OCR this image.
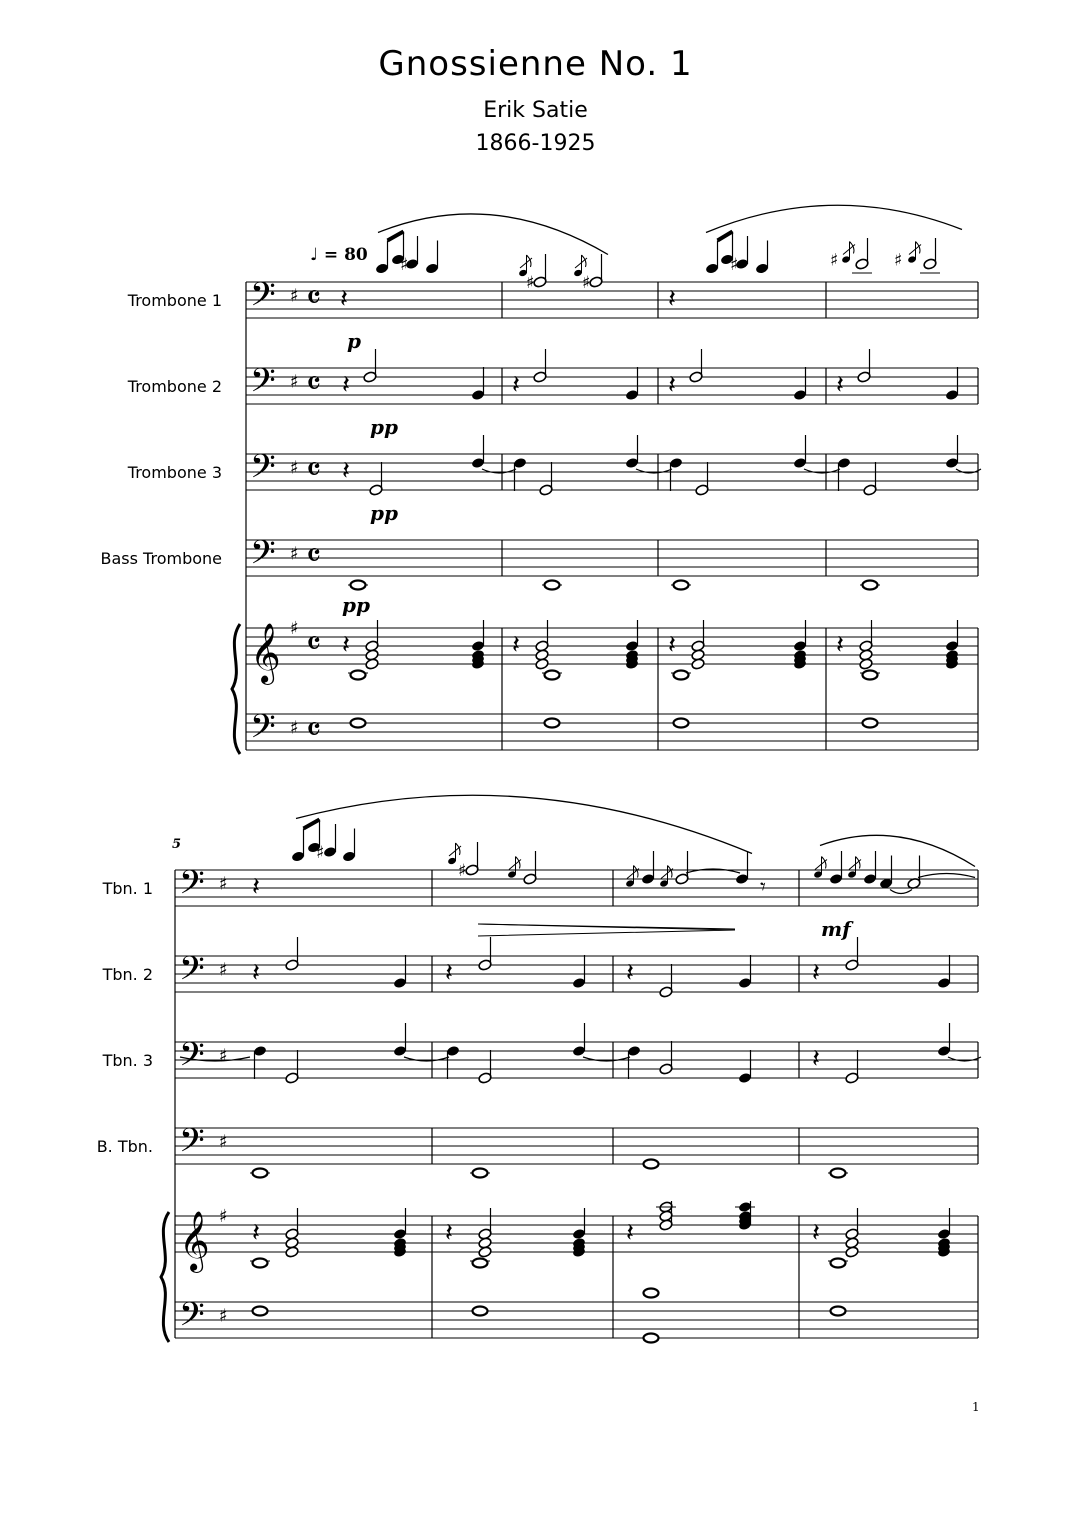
Gnossienne No. 1
Erik Satie
1866-1925
1
𝄢 ♯
𝄢 ♯
𝄢 ♯
𝄢 ♯
𝄞 ♯
𝄢 ♯
𝄴
𝄴
𝄴
𝄴
𝄴
𝄴
𝄽
♯
♯	♯
𝄽
♯	♯	♯
𝄽	𝄽	𝄽	𝄽
𝄽
𝄽	𝄽	𝄽	𝄽
𝄢 ♯
𝄢 ♯
𝄢 ♯
𝄢 ♯
𝄞 ♯
𝄢 ♯
𝄽
♯
♯
𝄾
𝄽	𝄽	𝄽	𝄽
𝄽
𝄽	𝄽	𝄽	𝄽
Trombone 1
Trombone 2
Trombone 3
Bass Trombone
Tbn. 1
Tbn. 2
Tbn. 3
B. Tbn.
♩ = 80
5
p
pp
pp
pp
mf
